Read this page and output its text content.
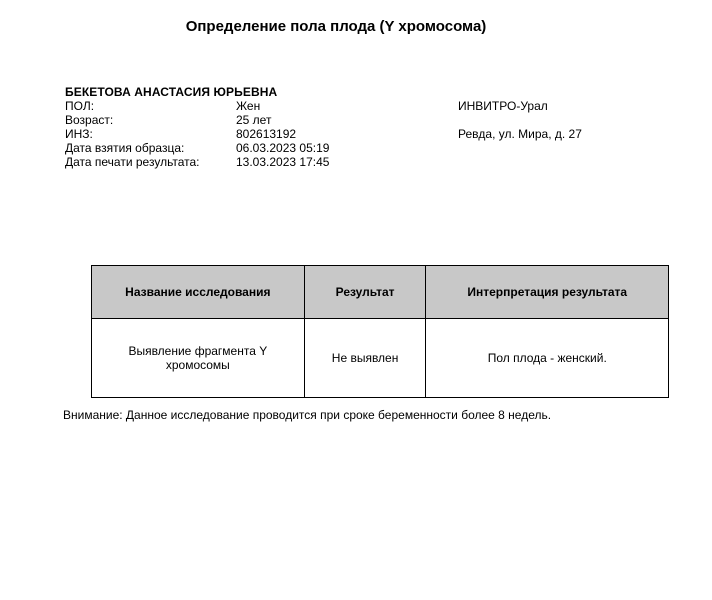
Определение пола плода (Y хромосома)
БЕКЕТОВА АНАСТАСИЯ ЮРЬЕВНА
ПОЛ:	Жен
Возраст:	25 лет
ИНЗ:	802613192
Дата взятия образца:	06.03.2023 05:19
Дата печати результата:	13.03.2023 17:45
ИНВИТРО-Урал
Ревда, ул. Мира, д. 27
Название исследования	Результат	Интерпретация результата
Выявление фрагмента Y хромосомы	Не выявлен	Пол плода - женский.
Внимание: Данное исследование проводится при сроке беременности более 8 недель.
